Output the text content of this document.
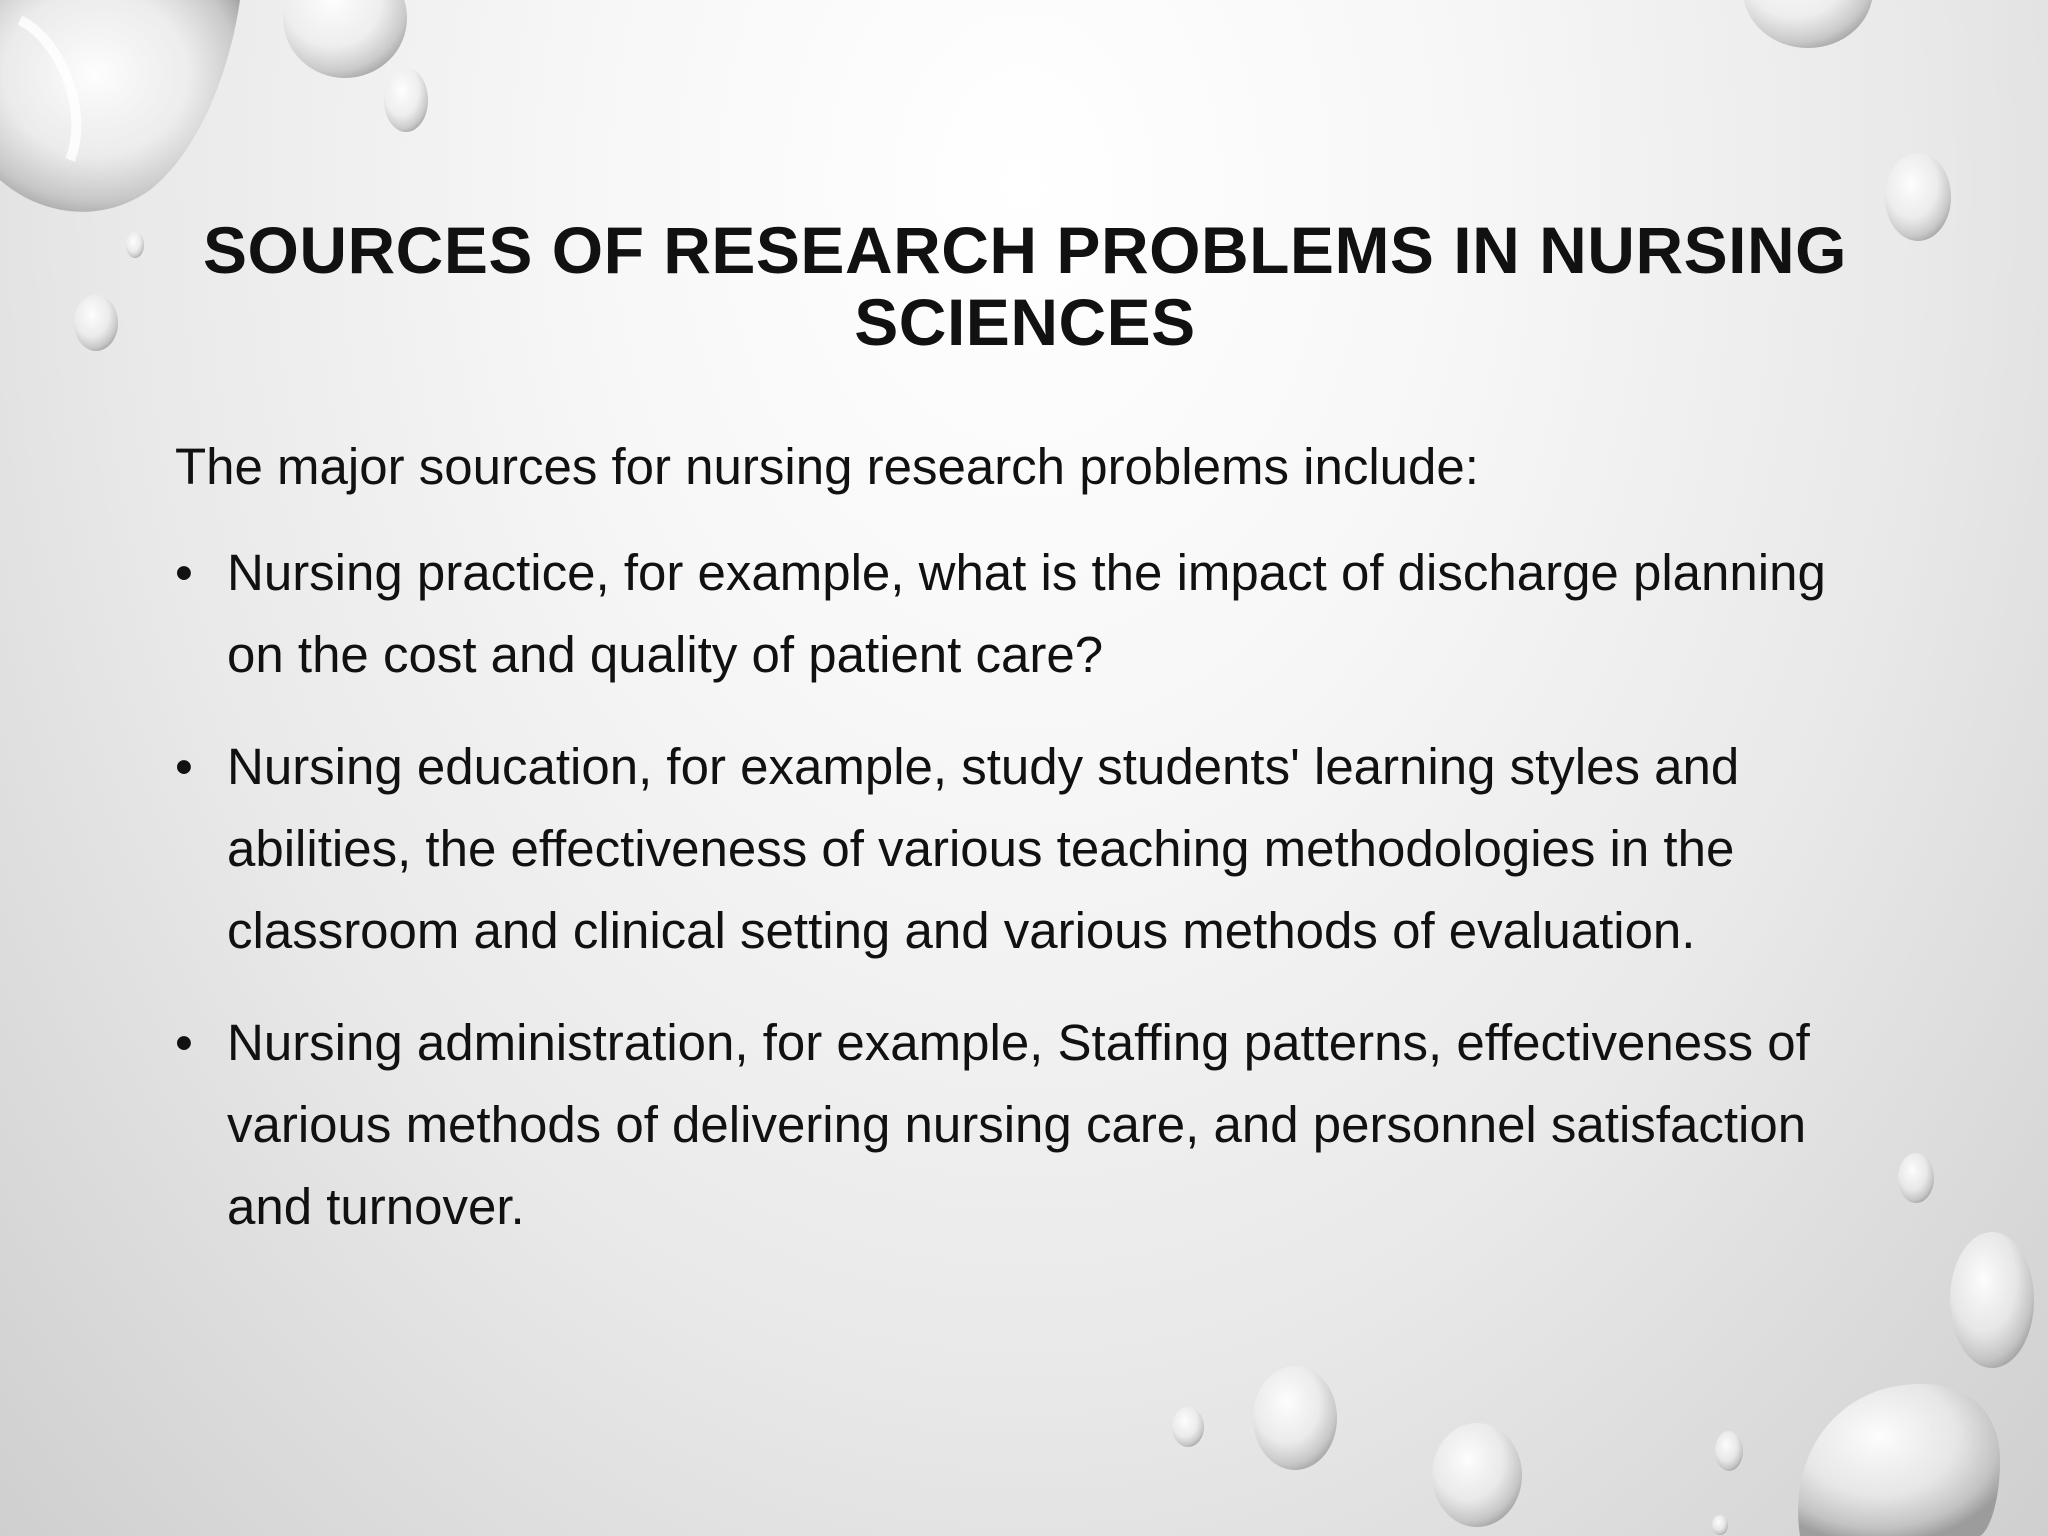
SOURCES OF RESEARCH PROBLEMS IN NURSING SCIENCES

The major sources for nursing research problems include:

• Nursing practice, for example, what is the impact of discharge planning on the cost and quality of patient care?
• Nursing education, for example, study students' learning styles and abilities, the effectiveness of various teaching methodologies in the classroom and clinical setting and various methods of evaluation.
• Nursing administration, for example, Staffing patterns, effectiveness of various methods of delivering nursing care, and personnel satisfaction and turnover.
